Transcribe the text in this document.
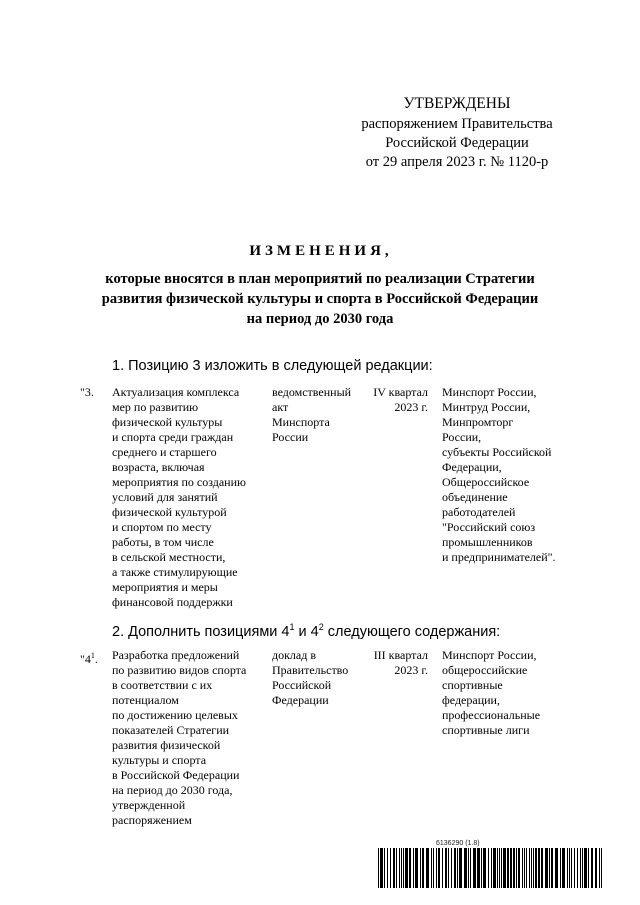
УТВЕРЖДЕНЫ
распоряжением Правительства
Российской Федерации
от 29 апреля 2023 г. № 1120-р
ИЗМЕНЕНИЯ,
которые вносятся в план мероприятий по реализации Стратегии
развития физической культуры и спорта в Российской Федерации
на период до 2030 года
1. Позицию 3 изложить в следующей редакции:
"3.	Актуализация комплекса
мер по развитию
физической культуры
и спорта среди граждан
среднего и старшего
возраста, включая
мероприятия по созданию
условий для занятий
физической культурой
и спортом по месту
работы, в том числе
в сельской местности,
а также стимулирующие
мероприятия и меры
финансовой поддержки
ведомственный
акт
Минспорта
России
IV квартал
2023 г.
Минспорт России,
Минтруд России,
Минпромторг
России,
субъекты Российской
Федерации,
Общероссийское
объединение
работодателей
"Российский союз
промышленников
и предпринимателей".
2. Дополнить позициями $4^1$ и $4^2$ следующего содержания:
"$4^1$.	Разработка предложений
по развитию видов спорта
в соответствии с их
потенциалом
по достижению целевых
показателей Стратегии
развития физической
культуры и спорта
в Российской Федерации
на период до 2030 года,
утвержденной
распоряжением
доклад в
Правительство
Российской
Федерации
III квартал
2023 г.
Минспорт России,
общероссийские
спортивные
федерации,
профессиональные
спортивные лиги
6136290 (1.8)
